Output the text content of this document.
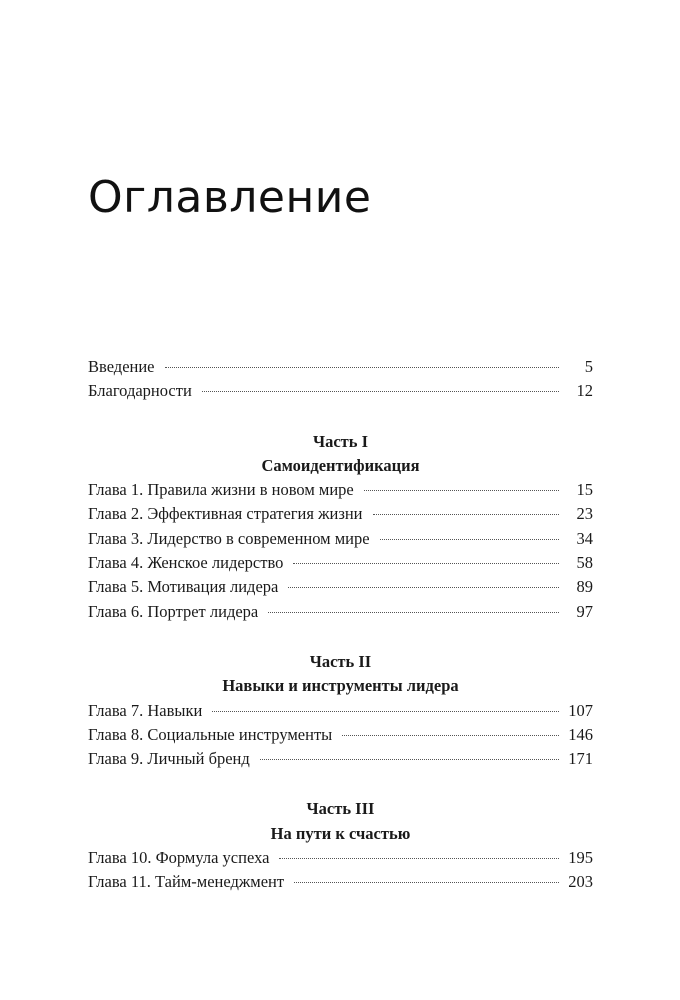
Оглавление
Введение	5
Благодарности	12
Часть I
Самоидентификация
Глава 1. Правила жизни в новом мире	15
Глава 2. Эффективная стратегия жизни	23
Глава 3. Лидерство в современном мире	34
Глава 4. Женское лидерство	58
Глава 5. Мотивация лидера	89
Глава 6. Портрет лидера	97
Часть II
Навыки и инструменты лидера
Глава 7. Навыки	107
Глава 8. Социальные инструменты	146
Глава 9. Личный бренд	171
Часть III
На пути к счастью
Глава 10. Формула успеха	195
Глава 11. Тайм-менеджмент	203
